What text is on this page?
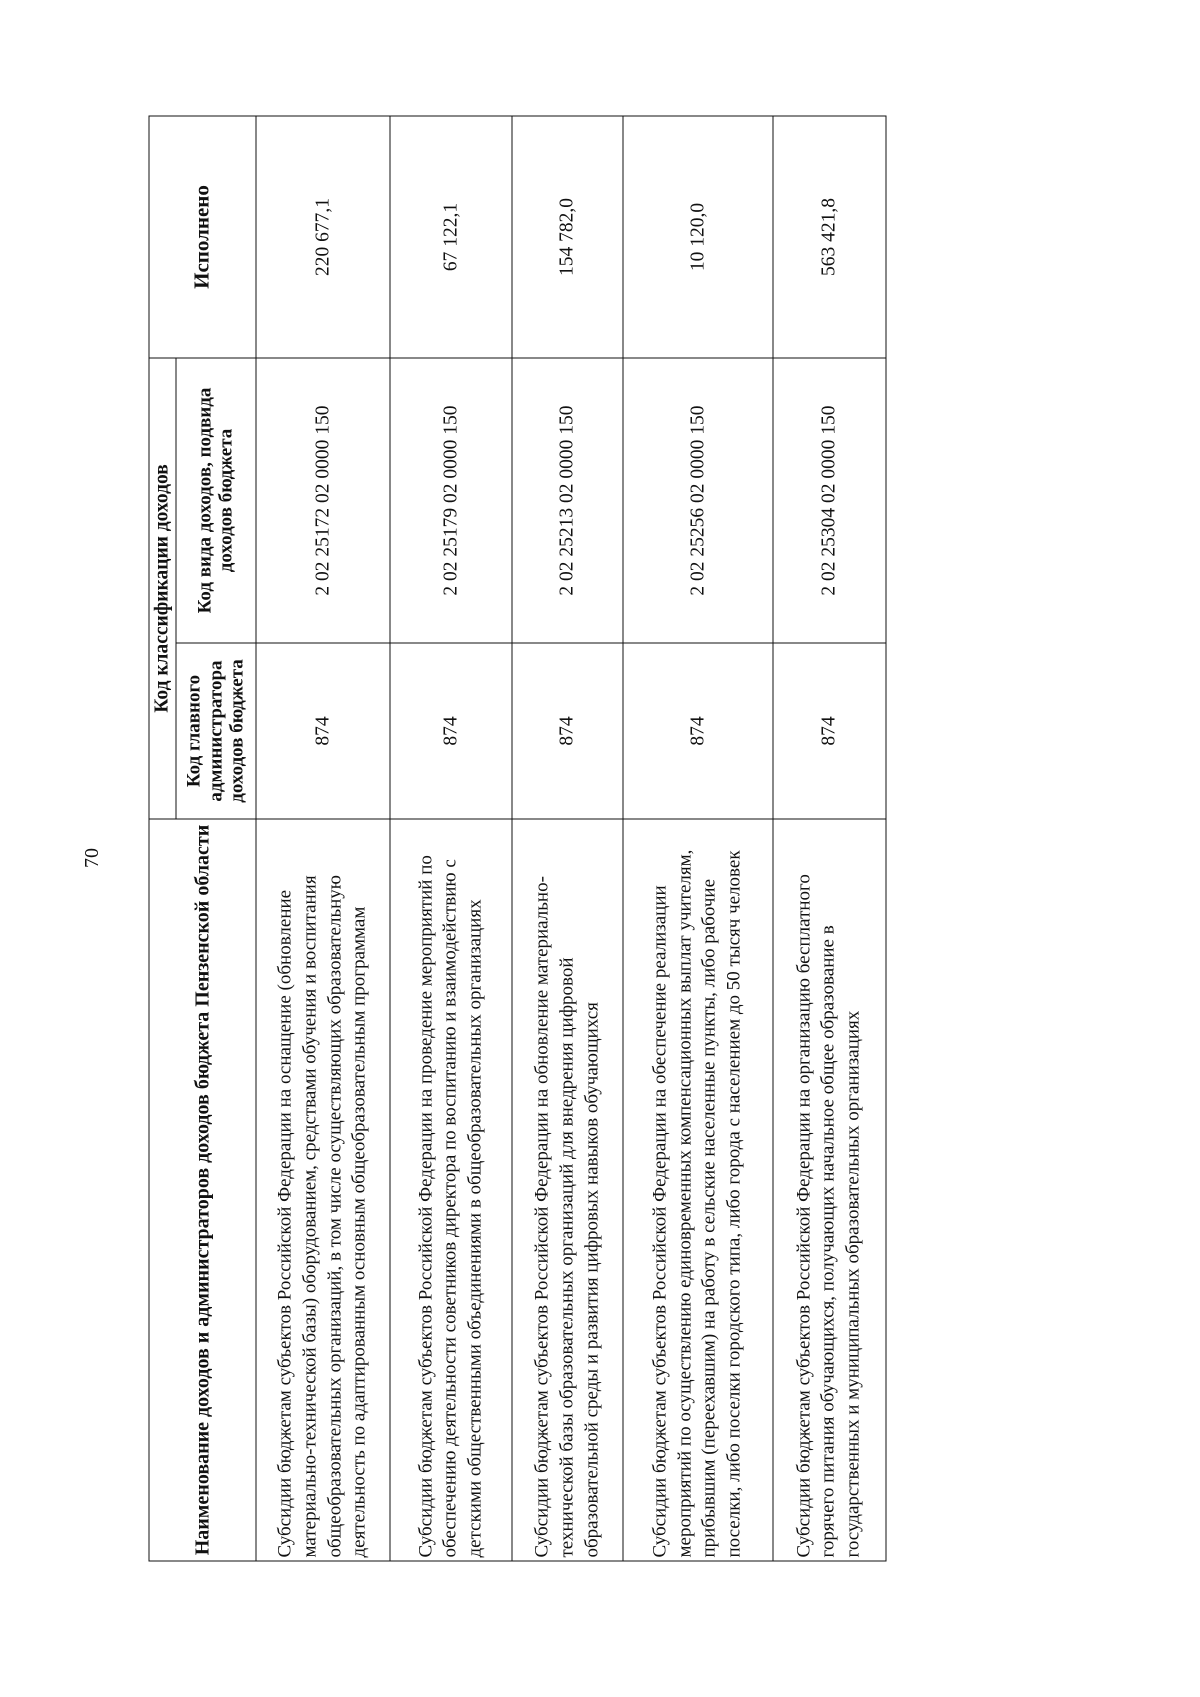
70	Наименование доходов и администраторов доходов бюджета Пензенской области	Код классификации доходов		Исполнено
	Код главного администратора доходов бюджета	Код вида доходов, подвида доходов бюджета	
Субсидии бюджетам субъектов Российской Федерации на оснащение (обновление материально-технической базы) оборудованием, средствами обучения и воспитания общеобразовательных организаций, в том числе осуществляющих образовательную деятельность по адаптированным основным общеобразовательным программам	874	2 02 25172 02 0000 150	220 677,1
Субсидии бюджетам субъектов Российской Федерации на проведение мероприятий по обеспечению деятельности советников директора по воспитанию и взаимодействию с детскими общественными объединениями в общеобразовательных организациях	874	2 02 25179 02 0000 150	67 122,1
Субсидии бюджетам субъектов Российской Федерации на обновление материально-технической базы образовательных организаций для внедрения цифровой образовательной среды и развития цифровых навыков обучающихся	874	2 02 25213 02 0000 150	154 782,0
Субсидии бюджетам субъектов Российской Федерации на обеспечение реализации мероприятий по осуществлению единовременных компенсационных выплат учителям, прибывшим (переехавшим) на работу в сельские населенные пункты, либо рабочие поселки, либо поселки городского типа, либо города с населением до 50 тысяч человек	874	2 02 25256 02 0000 150	10 120,0
Субсидии бюджетам субъектов Российской Федерации на организацию бесплатного горячего питания обучающихся, получающих начальное общее образование в государственных и муниципальных образовательных организациях	874	2 02 25304 02 0000 150	563 421,8
